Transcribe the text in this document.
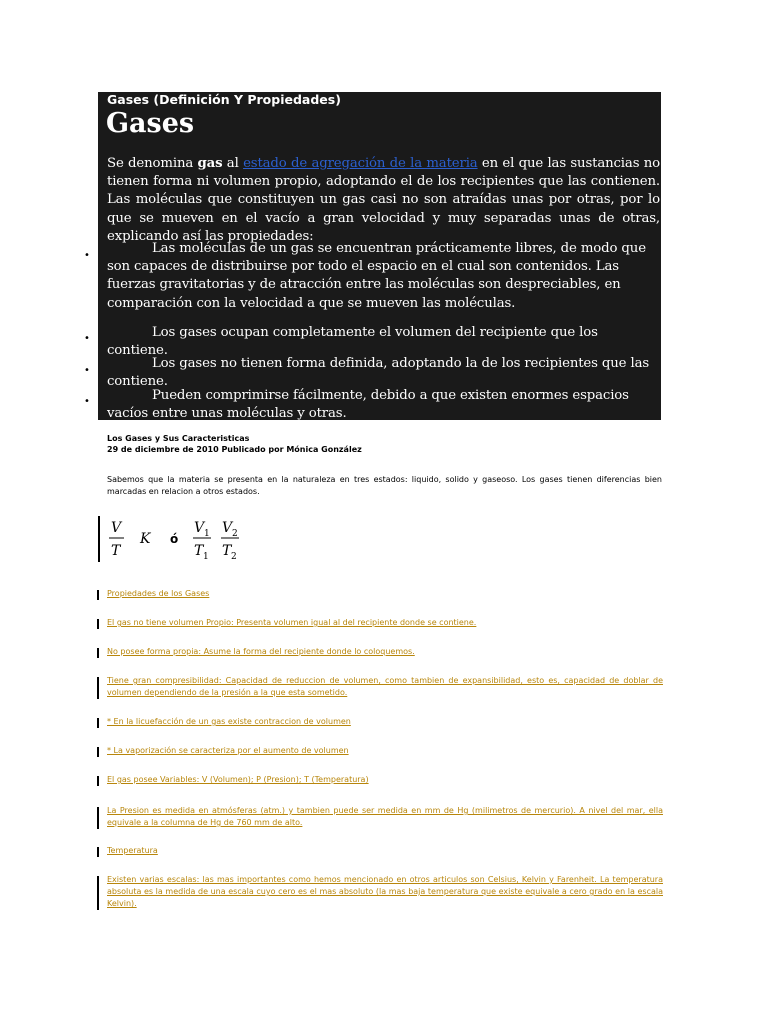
Gases (Definición Y Propiedades)
Gases
Se denomina gas al estado de agregación de la materia en el que las sustancias no tienen forma ni volumen propio, adoptando el de los recipientes que las contienen. Las moléculas que constituyen un gas casi no son atraídas unas por otras, por lo que se mueven en el vacío a gran velocidad y muy separadas unas de otras, explicando así las propiedades:
Las moléculas de un gas se encuentran prácticamente libres, de modo que son capaces de distribuirse por todo el espacio en el cual son contenidos. Las fuerzas gravitatorias y de atracción entre las moléculas son despreciables, en comparación con la velocidad a que se mueven las moléculas.
Los gases ocupan completamente el volumen del recipiente que los contiene.
Los gases no tienen forma definida, adoptando la de los recipientes que las contiene.
Pueden comprimirse fácilmente, debido a que existen enormes espacios vacíos entre unas moléculas y otras.
•
•
•
•
Los Gases y Sus Caracteristicas
29 de diciembre de 2010 Publicado por Mónica González
Sabemos que la materia se presenta en la naturaleza en tres estados: liquido, solido y gaseoso. Los gases tienen diferencias bien marcadas en relacion a otros estados.
V
T
K ó
V 1
T 1
V 2
T 2
Propiedades de los Gases
El gas no tiene volumen Propio: Presenta volumen igual al del recipiente donde se contiene.
No posee forma propia: Asume la forma del recipiente donde lo coloquemos.
Tiene gran compresibilidad: Capacidad de reduccion de volumen, como tambien de expansibilidad, esto es, capacidad de doblar de volumen dependiendo de la presión a la que esta sometido.
* En la licuefacción de un gas existe contraccion de volumen
* La vaporización se caracteriza por el aumento de volumen
El gas posee Variables: V (Volumen); P (Presion); T (Temperatura)
La Presion es medida en atmósferas (atm.) y tambien puede ser medida en mm de Hg (milimetros de mercurio). A nivel del mar, ella equivale a la columna de Hg de 760 mm de alto.
Temperatura
Existen varias escalas: las mas importantes como hemos mencionado en otros articulos son Celsius, Kelvin y Farenheit. La temperatura absoluta es la medida de una escala cuyo cero es el mas absoluto (la mas baja temperatura que existe equivale a cero grado en la escala Kelvin).
